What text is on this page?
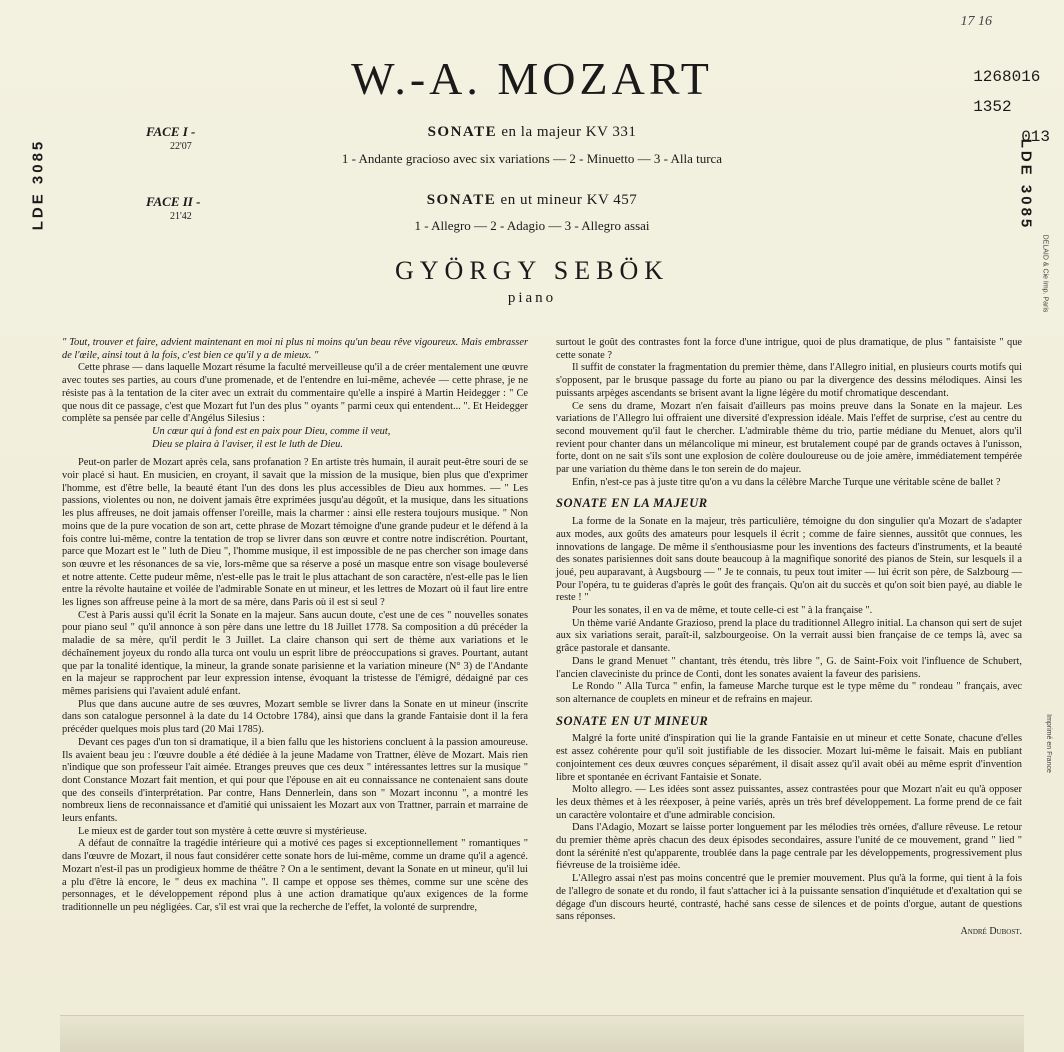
17 16
1268016
1352
013
W.-A. MOZART
LDE 3085	LDE 3085
DELAID & Cie Imp. Paris
Imprimé en France
FACE I -
22'07
SONATE en la majeur KV 331
1 - Andante gracioso avec six variations — 2 - Minuetto — 3 - Alla turca
FACE II -
21'42
SONATE en ut mineur KV 457
1 - Allegro — 2 - Adagio — 3 - Allegro assai
GYÖRGY SEBÖK
piano

" Tout, trouver et faire, advient maintenant en moi ni plus ni moins qu'un beau rêve vigoureux. Mais embrasser de l'œile, ainsi tout à la fois, c'est bien ce qu'il y a de mieux. "

Cette phrase — dans laquelle Mozart résume la faculté merveilleuse qu'il a de créer mentalement une œuvre avec toutes ses parties, au cours d'une promenade, et de l'entendre en lui-même, achevée — cette phrase, je ne résiste pas à la tentation de la citer avec un extrait du commentaire qu'elle a inspiré à Martin Heidegger : " Ce que nous dit ce passage, c'est que Mozart fut l'un des plus " oyants " parmi ceux qui entendent... ". Et Heidegger complète sa pensée par celle d'Angélus Silesius :

Un cœur qui à fond est en paix pour Dieu, comme il veut,

Dieu se plaira à l'aviser, il est le luth de Dieu.

Peut-on parler de Mozart après cela, sans profanation ? En artiste très humain, il aurait peut-être souri de se voir placé si haut. En musicien, en croyant, il savait que la mission de la musique, bien plus que d'exprimer l'homme, est d'être belle, la beauté étant l'un des dons les plus accessibles de Dieu aux hommes. — " Les passions, violentes ou non, ne doivent jamais être exprimées jusqu'au dégoût, et la musique, dans les situations les plus affreuses, ne doit jamais offenser l'oreille, mais la charmer : ainsi elle restera toujours musique. " Non moins que de la pure vocation de son art, cette phrase de Mozart témoigne d'une grande pudeur et le défend à la fois contre lui-même, contre la tentation de trop se livrer dans son œuvre et contre notre indiscrétion. Pourtant, parce que Mozart est le " luth de Dieu ", l'homme musique, il est impossible de ne pas chercher son image dans son œuvre et les résonances de sa vie, lors-même que sa réserve a posé un masque entre son visage bouleversé et notre attente. Cette pudeur même, n'est-elle pas le trait le plus attachant de son caractère, n'est-elle pas le lien entre la révolte hautaine et voilée de l'admirable Sonate en ut mineur, et les lettres de Mozart où il faut lire entre les lignes son affreuse peine à la mort de sa mère, dans Paris où il est si seul ?

C'est à Paris aussi qu'il écrit la Sonate en la majeur. Sans aucun doute, c'est une de ces " nouvelles sonates pour piano seul " qu'il annonce à son père dans une lettre du 18 Juillet 1778. Sa composition a dû précéder la maladie de sa mère, qu'il perdit le 3 Juillet. La claire chanson qui sert de thème aux variations et le déchaînement joyeux du rondo alla turca ont voulu un esprit libre de préoccupations si graves. Pourtant, autant que par la tonalité identique, la mineur, la grande sonate parisienne et la variation mineure (N° 3) de l'Andante en la majeur se rapprochent par leur expression intense, évoquant la tristesse de l'émigré, dédaigné par ces mêmes parisiens qui l'avaient adulé enfant.

Plus que dans aucune autre de ses œuvres, Mozart semble se livrer dans la Sonate en ut mineur (inscrite dans son catalogue personnel à la date du 14 Octobre 1784), ainsi que dans la grande Fantaisie dont il la fera précéder quelques mois plus tard (20 Mai 1785).

Devant ces pages d'un ton si dramatique, il a bien fallu que les historiens concluent à la passion amoureuse. Ils avaient beau jeu : l'œuvre double a été dédiée à la jeune Madame von Trattner, élève de Mozart. Mais rien n'indique que son professeur l'ait aimée. Etranges preuves que ces deux " intéressantes lettres sur la musique " dont Constance Mozart fait mention, et qui pour que l'épouse en ait eu connaissance ne contenaient sans doute que des conseils d'interprétation. Par contre, Hans Dennerlein, dans son " Mozart inconnu ", a montré les nombreux liens de reconnaissance et d'amitié qui unissaient les Mozart aux von Trattner, parrain et marraine de leurs enfants.

Le mieux est de garder tout son mystère à cette œuvre si mystérieuse.

A défaut de connaître la tragédie intérieure qui a motivé ces pages si exceptionnellement " romantiques " dans l'œuvre de Mozart, il nous faut considérer cette sonate hors de lui-même, comme un drame qu'il a agencé. Mozart n'est-il pas un prodigieux homme de théâtre ? On a le sentiment, devant la Sonate en ut mineur, qu'il lui a plu d'être là encore, le " deus ex machina ". Il campe et oppose ses thèmes, comme sur une scène des personnages, et le développement répond plus à une action dramatique qu'aux exigences de la forme traditionnelle un peu négligées. Car, s'il est vrai que la recherche de l'effet, la volonté de surprendre,

surtout le goût des contrastes font la force d'une intrigue, quoi de plus dramatique, de plus " fantaisiste " que cette sonate ?

Il suffit de constater la fragmentation du premier thème, dans l'Allegro initial, en plusieurs courts motifs qui s'opposent, par le brusque passage du forte au piano ou par la divergence des dessins mélodiques. Ainsi les puissants arpèges ascendants se brisent avant la ligne légère du motif chromatique descendant.

Ce sens du drame, Mozart n'en faisait d'ailleurs pas moins preuve dans la Sonate en la majeur. Les variations de l'Allegro lui offraient une diversité d'expression idéale. Mais l'effet de surprise, c'est au centre du second mouvement qu'il faut le chercher. L'admirable thème du trio, partie médiane du Menuet, alors qu'il revient pour chanter dans un mélancolique mi mineur, est brutalement coupé par de grands octaves à l'unisson, forte, dont on ne sait s'ils sont une explosion de colère douloureuse ou de joie amère, immédiatement tempérée par une variation du thème dans le ton serein de do majeur.

Enfin, n'est-ce pas à juste titre qu'on a vu dans la célèbre Marche Turque une véritable scène de ballet ?

SONATE EN LA MAJEUR

La forme de la Sonate en la majeur, très particulière, témoigne du don singulier qu'a Mozart de s'adapter aux modes, aux goûts des amateurs pour lesquels il écrit ; comme de faire siennes, aussitôt que connues, les innovations de langage. De même il s'enthousiasme pour les inventions des facteurs d'instruments, et la beauté des sonates parisiennes doit sans doute beaucoup à la magnifique sonorité des pianos de Stein, sur lesquels il a joué, peu auparavant, à Augsbourg — " Je te connais, tu peux tout imiter — lui écrit son père, de Salzbourg — Pour l'opéra, tu te guideras d'après le goût des français. Qu'on ait du succès et qu'on soit bien payé, au diable le reste ! "

Pour les sonates, il en va de même, et toute celle-ci est " à la française ".

Un thème varié Andante Grazioso, prend la place du traditionnel Allegro initial. La chanson qui sert de sujet aux six variations serait, paraît-il, salzbourgeoise. On la verrait aussi bien française de ce temps là, avec sa grâce pastorale et dansante.

Dans le grand Menuet " chantant, très étendu, très libre ", G. de Saint-Foix voit l'influence de Schubert, l'ancien claveciniste du prince de Conti, dont les sonates avaient la faveur des parisiens.

Le Rondo " Alla Turca " enfin, la fameuse Marche turque est le type même du " rondeau " français, avec son alternance de couplets en mineur et de refrains en majeur.

SONATE EN UT MINEUR

Malgré la forte unité d'inspiration qui lie la grande Fantaisie en ut mineur et cette Sonate, chacune d'elles est assez cohérente pour qu'il soit justifiable de les dissocier. Mozart lui-même le faisait. Mais en publiant conjointement ces deux œuvres conçues séparément, il disait assez qu'il avait obéi au même esprit d'invention libre et spontanée en écrivant Fantaisie et Sonate.

Molto allegro. — Les idées sont assez puissantes, assez contrastées pour que Mozart n'ait eu qu'à opposer les deux thèmes et à les réexposer, à peine variés, après un très bref développement. La forme prend de ce fait un caractère volontaire et d'une admirable concision.

Dans l'Adagio, Mozart se laisse porter longuement par les mélodies très ornées, d'allure rêveuse. Le retour du premier thème après chacun des deux épisodes secondaires, assure l'unité de ce mouvement, grand " lied " dont la sérénité n'est qu'apparente, troublée dans la page centrale par les développements, progressivement plus fiévreuse de la troisième idée.

L'Allegro assai n'est pas moins concentré que le premier mouvement. Plus qu'à la forme, qui tient à la fois de l'allegro de sonate et du rondo, il faut s'attacher ici à la puissante sensation d'inquiétude et d'exaltation qui se dégage d'un discours heurté, contrasté, haché sans cesse de silences et de points d'orgue, autant de questions sans réponses.

André Dubost.
